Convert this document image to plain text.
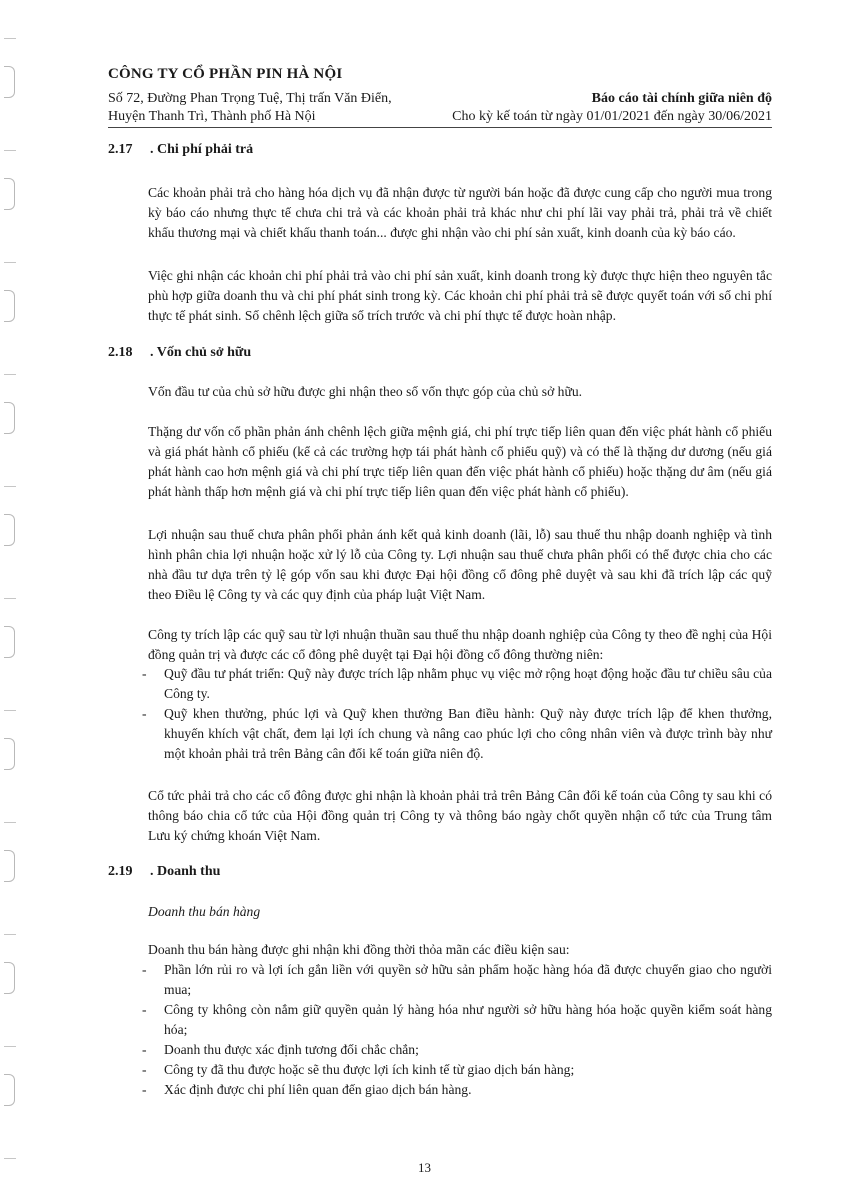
CÔNG TY CỔ PHẦN PIN HÀ NỘI
Số 72, Đường Phan Trọng Tuệ, Thị trấn Văn Điển,	Báo cáo tài chính giữa niên độ
Huyện Thanh Trì, Thành phố Hà Nội	Cho kỳ kế toán từ ngày 01/01/2021 đến ngày 30/06/2021
2.17 . Chi phí phải trả

Các khoản phải trả cho hàng hóa dịch vụ đã nhận được từ người bán hoặc đã được cung cấp cho người mua trong kỳ báo cáo nhưng thực tế chưa chi trả và các khoản phải trả khác như chi phí lãi vay phải trả, phải trả về chiết khấu thương mại và chiết khấu thanh toán... được ghi nhận vào chi phí sản xuất, kinh doanh của kỳ báo cáo.

Việc ghi nhận các khoản chi phí phải trả vào chi phí sản xuất, kinh doanh trong kỳ được thực hiện theo nguyên tắc phù hợp giữa doanh thu và chi phí phát sinh trong kỳ. Các khoản chi phí phải trả sẽ được quyết toán với số chi phí thực tế phát sinh. Số chênh lệch giữa số trích trước và chi phí thực tế được hoàn nhập.

2.18 . Vốn chủ sở hữu

Vốn đầu tư của chủ sở hữu được ghi nhận theo số vốn thực góp của chủ sở hữu.

Thặng dư vốn cổ phần phản ánh chênh lệch giữa mệnh giá, chi phí trực tiếp liên quan đến việc phát hành cổ phiếu và giá phát hành cổ phiếu (kể cả các trường hợp tái phát hành cổ phiếu quỹ) và có thể là thặng dư dương (nếu giá phát hành cao hơn mệnh giá và chi phí trực tiếp liên quan đến việc phát hành cổ phiếu) hoặc thặng dư âm (nếu giá phát hành thấp hơn mệnh giá và chi phí trực tiếp liên quan đến việc phát hành cổ phiếu).

Lợi nhuận sau thuế chưa phân phối phản ánh kết quả kinh doanh (lãi, lỗ) sau thuế thu nhập doanh nghiệp và tình hình phân chia lợi nhuận hoặc xử lý lỗ của Công ty. Lợi nhuận sau thuế chưa phân phối có thể được chia cho các nhà đầu tư dựa trên tỷ lệ góp vốn sau khi được Đại hội đồng cổ đông phê duyệt và sau khi đã trích lập các quỹ theo Điều lệ Công ty và các quy định của pháp luật Việt Nam.

Công ty trích lập các quỹ sau từ lợi nhuận thuần sau thuế thu nhập doanh nghiệp của Công ty theo đề nghị của Hội đồng quản trị và được các cổ đông phê duyệt tại Đại hội đồng cổ đông thường niên:

-	Quỹ đầu tư phát triển: Quỹ này được trích lập nhằm phục vụ việc mở rộng hoạt động hoặc đầu tư chiều sâu của Công ty.
-	Quỹ khen thưởng, phúc lợi và Quỹ khen thưởng Ban điều hành: Quỹ này được trích lập để khen thưởng, khuyến khích vật chất, đem lại lợi ích chung và nâng cao phúc lợi cho công nhân viên và được trình bày như một khoản phải trả trên Bảng cân đối kế toán giữa niên độ.

Cổ tức phải trả cho các cổ đông được ghi nhận là khoản phải trả trên Bảng Cân đối kế toán của Công ty sau khi có thông báo chia cổ tức của Hội đồng quản trị Công ty và thông báo ngày chốt quyền nhận cổ tức của Trung tâm Lưu ký chứng khoán Việt Nam.

2.19 . Doanh thu

Doanh thu bán hàng

Doanh thu bán hàng được ghi nhận khi đồng thời thỏa mãn các điều kiện sau:

-	Phần lớn rủi ro và lợi ích gắn liền với quyền sở hữu sản phẩm hoặc hàng hóa đã được chuyển giao cho người mua;
-	Công ty không còn nắm giữ quyền quản lý hàng hóa như người sở hữu hàng hóa hoặc quyền kiểm soát hàng hóa;
-	Doanh thu được xác định tương đối chắc chắn;
-	Công ty đã thu được hoặc sẽ thu được lợi ích kinh tế từ giao dịch bán hàng;
-	Xác định được chi phí liên quan đến giao dịch bán hàng.
13
